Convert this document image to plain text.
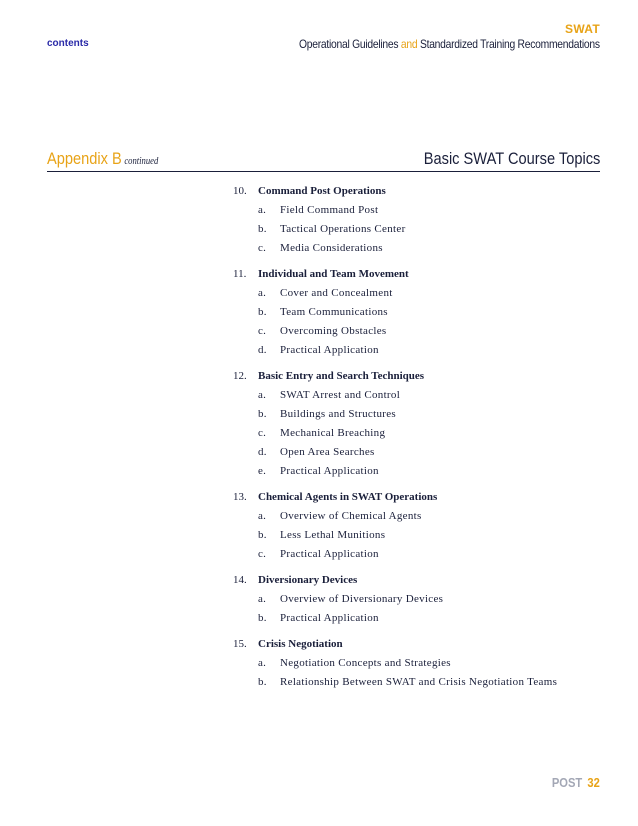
contents
SWAT
Operational Guidelines and Standardized Training Recommendations
Appendix B continued	Basic SWAT Course Topics
10.	Command Post Operations
a.	Field Command Post
b.	Tactical Operations Center
c.	Media Considerations
11.	Individual and Team Movement
a.	Cover and Concealment
b.	Team Communications
c.	Overcoming Obstacles
d.	Practical Application
12.	Basic Entry and Search Techniques
a.	SWAT Arrest and Control
b.	Buildings and Structures
c.	Mechanical Breaching
d.	Open Area Searches
e.	Practical Application
13.	Chemical Agents in SWAT Operations
a.	Overview of Chemical Agents
b.	Less Lethal Munitions
c.	Practical Application
14.	Diversionary Devices
a.	Overview of Diversionary Devices
b.	Practical Application
15.	Crisis Negotiation
a.	Negotiation Concepts and Strategies
b.	Relationship Between SWAT and Crisis Negotiation Teams
POST 32
